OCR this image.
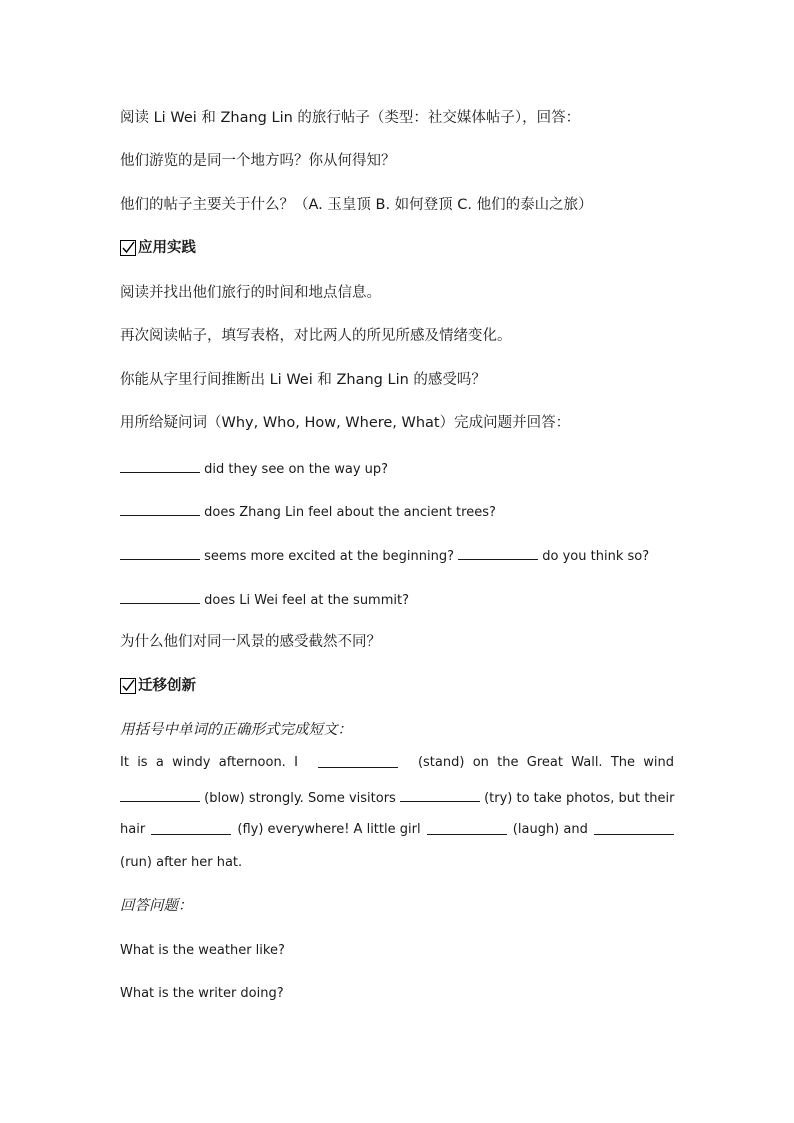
阅读 Li Wei 和 Zhang Lin 的旅行帖子（类型：社交媒体帖子），回答：
他们游览的是同一个地方吗？你从何得知？
他们的帖子主要关于什么？（A. 玉皇顶 B. 如何登顶 C. 他们的泰山之旅）
应用实践
阅读并找出他们旅行的时间和地点信息。
再次阅读帖子，填写表格，对比两人的所见所感及情绪变化。
你能从字里行间推断出 Li Wei 和 Zhang Lin 的感受吗？
用所给疑问词（Why, Who, How, Where, What）完成问题并回答：
did they see on the way up?
does Zhang Lin feel about the ancient trees?
seems more excited at the beginning?	do you think so?
does Li Wei feel at the summit?
为什么他们对同一风景的感受截然不同？
迁移创新
用括号中单词的正确形式完成短文：
It  is  a  windy  afternoon.  I	(stand)  on  the  Great  Wall.  The  wind
(blow) strongly. Some visitors	(try) to take photos, but their
hair	(fly) everywhere! A little girl	(laugh) and
(run) after her hat.
回答问题：
What is the weather like?
What is the writer doing?
